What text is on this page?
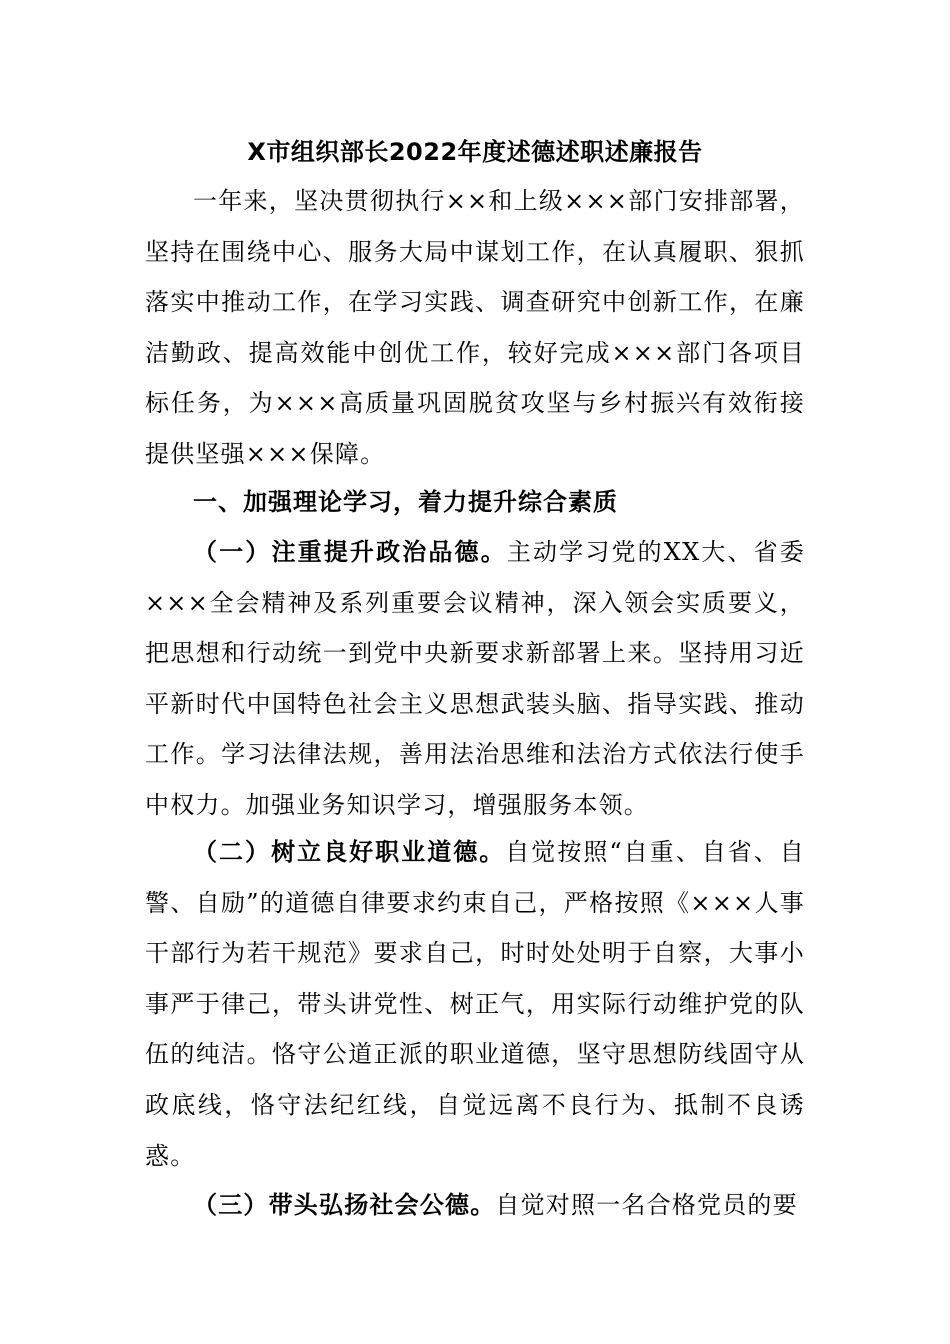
X市组织部长2022年度述德述职述廉报告

一年来，坚决贯彻执行××和上级×××部门安排部署，坚持在围绕中心、服务大局中谋划工作，在认真履职、狠抓落实中推动工作，在学习实践、调查研究中创新工作，在廉洁勤政、提高效能中创优工作，较好完成×××部门各项目标任务，为×××高质量巩固脱贫攻坚与乡村振兴有效衔接提供坚强×××保障。

一、加强理论学习，着力提升综合素质

（一）注重提升政治品德。主动学习党的XX大、省委×××全会精神及系列重要会议精神，深入领会实质要义，把思想和行动统一到党中央新要求新部署上来。坚持用习近平新时代中国特色社会主义思想武装头脑、指导实践、推动工作。学习法律法规，善用法治思维和法治方式依法行使手中权力。加强业务知识学习，增强服务本领。

（二）树立良好职业道德。自觉按照“自重、自省、自警、自励”的道德自律要求约束自己，严格按照《×××人事干部行为若干规范》要求自己，时时处处明于自察，大事小事严于律己，带头讲党性、树正气，用实际行动维护党的队伍的纯洁。恪守公道正派的职业道德，坚守思想防线固守从政底线，恪守法纪红线，自觉远离不良行为、抵制不良诱惑。

（三）带头弘扬社会公德。自觉对照一名合格党员的要
